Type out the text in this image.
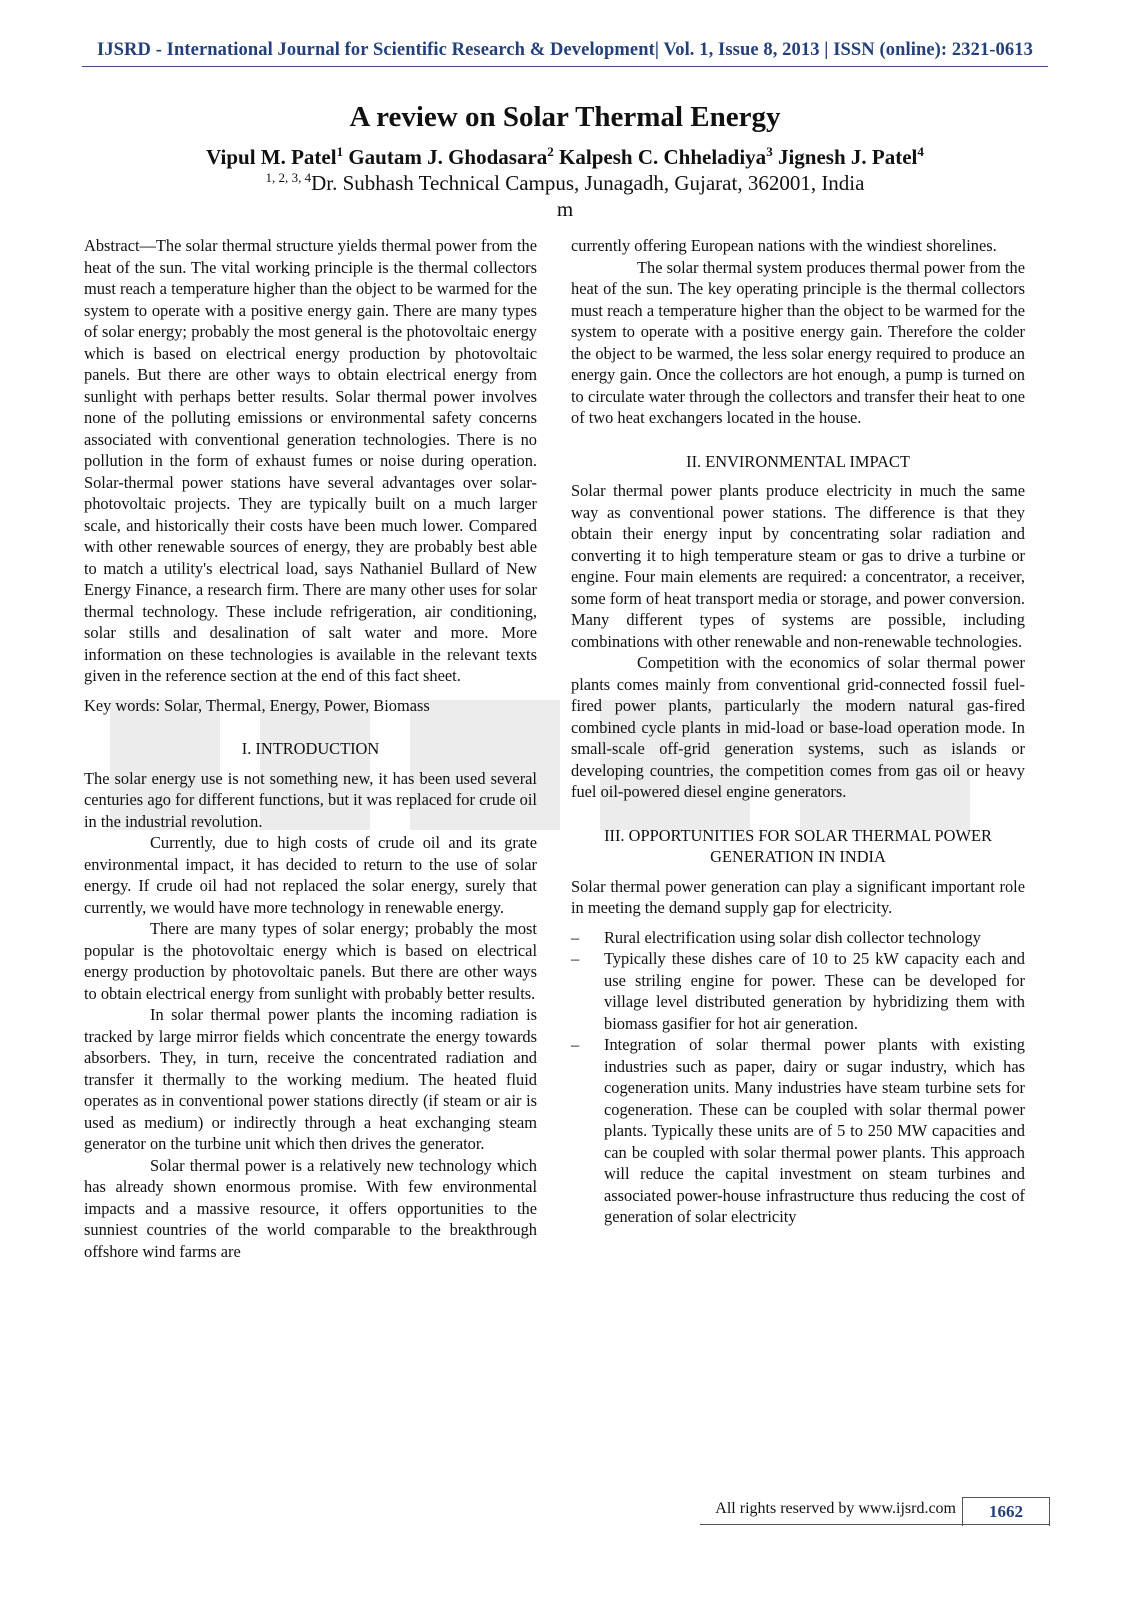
IJSRD - International Journal for Scientific Research & Development| Vol. 1, Issue 8, 2013 | ISSN (online): 2321-0613
A review on Solar Thermal Energy
Vipul M. Patel$^1$ Gautam J. Ghodasara$^2$ Kalpesh C. Chheladiya$^3$ Jignesh J. Patel$^4$
$^{1, 2, 3, 4}$Dr. Subhash Technical Campus, Junagadh, Gujarat, 362001, India
m

Abstract—The solar thermal structure yields thermal power from the heat of the sun. The vital working principle is the thermal collectors must reach a temperature higher than the object to be warmed for the system to operate with a positive energy gain. There are many types of solar energy; probably the most general is the photovoltaic energy which is based on electrical energy production by photovoltaic panels. But there are other ways to obtain electrical energy from sunlight with perhaps better results. Solar thermal power involves none of the polluting emissions or environmental safety concerns associated with conventional generation technologies. There is no pollution in the form of exhaust fumes or noise during operation. Solar-thermal power stations have several advantages over solar-photovoltaic projects. They are typically built on a much larger scale, and historically their costs have been much lower. Compared with other renewable sources of energy, they are probably best able to match a utility's electrical load, says Nathaniel Bullard of New Energy Finance, a research firm. There are many other uses for solar thermal technology. These include refrigeration, air conditioning, solar stills and desalination of salt water and more. More information on these technologies is available in the relevant texts given in the reference section at the end of this fact sheet.

Key words: Solar, Thermal, Energy, Power, Biomass

I. INTRODUCTION

The solar energy use is not something new, it has been used several centuries ago for different functions, but it was replaced for crude oil in the industrial revolution.

Currently, due to high costs of crude oil and its grate environmental impact, it has decided to return to the use of solar energy. If crude oil had not replaced the solar energy, surely that currently, we would have more technology in renewable energy.

There are many types of solar energy; probably the most popular is the photovoltaic energy which is based on electrical energy production by photovoltaic panels. But there are other ways to obtain electrical energy from sunlight with probably better results.

In solar thermal power plants the incoming radiation is tracked by large mirror fields which concentrate the energy towards absorbers. They, in turn, receive the concentrated radiation and transfer it thermally to the working medium. The heated fluid operates as in conventional power stations directly (if steam or air is used as medium) or indirectly through a heat exchanging steam generator on the turbine unit which then drives the generator.

Solar thermal power is a relatively new technology which has already shown enormous promise. With few environmental impacts and a massive resource, it offers opportunities to the sunniest countries of the world comparable to the breakthrough offshore wind farms are

currently offering European nations with the windiest shorelines.

The solar thermal system produces thermal power from the heat of the sun. The key operating principle is the thermal collectors must reach a temperature higher than the object to be warmed for the system to operate with a positive energy gain. Therefore the colder the object to be warmed, the less solar energy required to produce an energy gain. Once the collectors are hot enough, a pump is turned on to circulate water through the collectors and transfer their heat to one of two heat exchangers located in the house.

II. ENVIRONMENTAL IMPACT

Solar thermal power plants produce electricity in much the same way as conventional power stations. The difference is that they obtain their energy input by concentrating solar radiation and converting it to high temperature steam or gas to drive a turbine or engine. Four main elements are required: a concentrator, a receiver, some form of heat transport media or storage, and power conversion. Many different types of systems are possible, including combinations with other renewable and non-renewable technologies.

Competition with the economics of solar thermal power plants comes mainly from conventional grid-connected fossil fuel-fired power plants, particularly the modern natural gas-fired combined cycle plants in mid-load or base-load operation mode. In small-scale off-grid generation systems, such as islands or developing countries, the competition comes from gas oil or heavy fuel oil-powered diesel engine generators.

III. OPPORTUNITIES FOR SOLAR THERMAL POWER GENERATION IN INDIA

Solar thermal power generation can play a significant important role in meeting the demand supply gap for electricity.

– Rural electrification using solar dish collector technology
– Typically these dishes care of 10 to 25 kW capacity each and use striling engine for power. These can be developed for village level distributed generation by hybridizing them with biomass gasifier for hot air generation.
– Integration of solar thermal power plants with existing industries such as paper, dairy or sugar industry, which has cogeneration units. Many industries have steam turbine sets for cogeneration. These can be coupled with solar thermal power plants. Typically these units are of 5 to 250 MW capacities and can be coupled with solar thermal power plants. This approach will reduce the capital investment on steam turbines and associated power-house infrastructure thus reducing the cost of generation of solar electricity
All rights reserved by www.ijsrd.com	1662
